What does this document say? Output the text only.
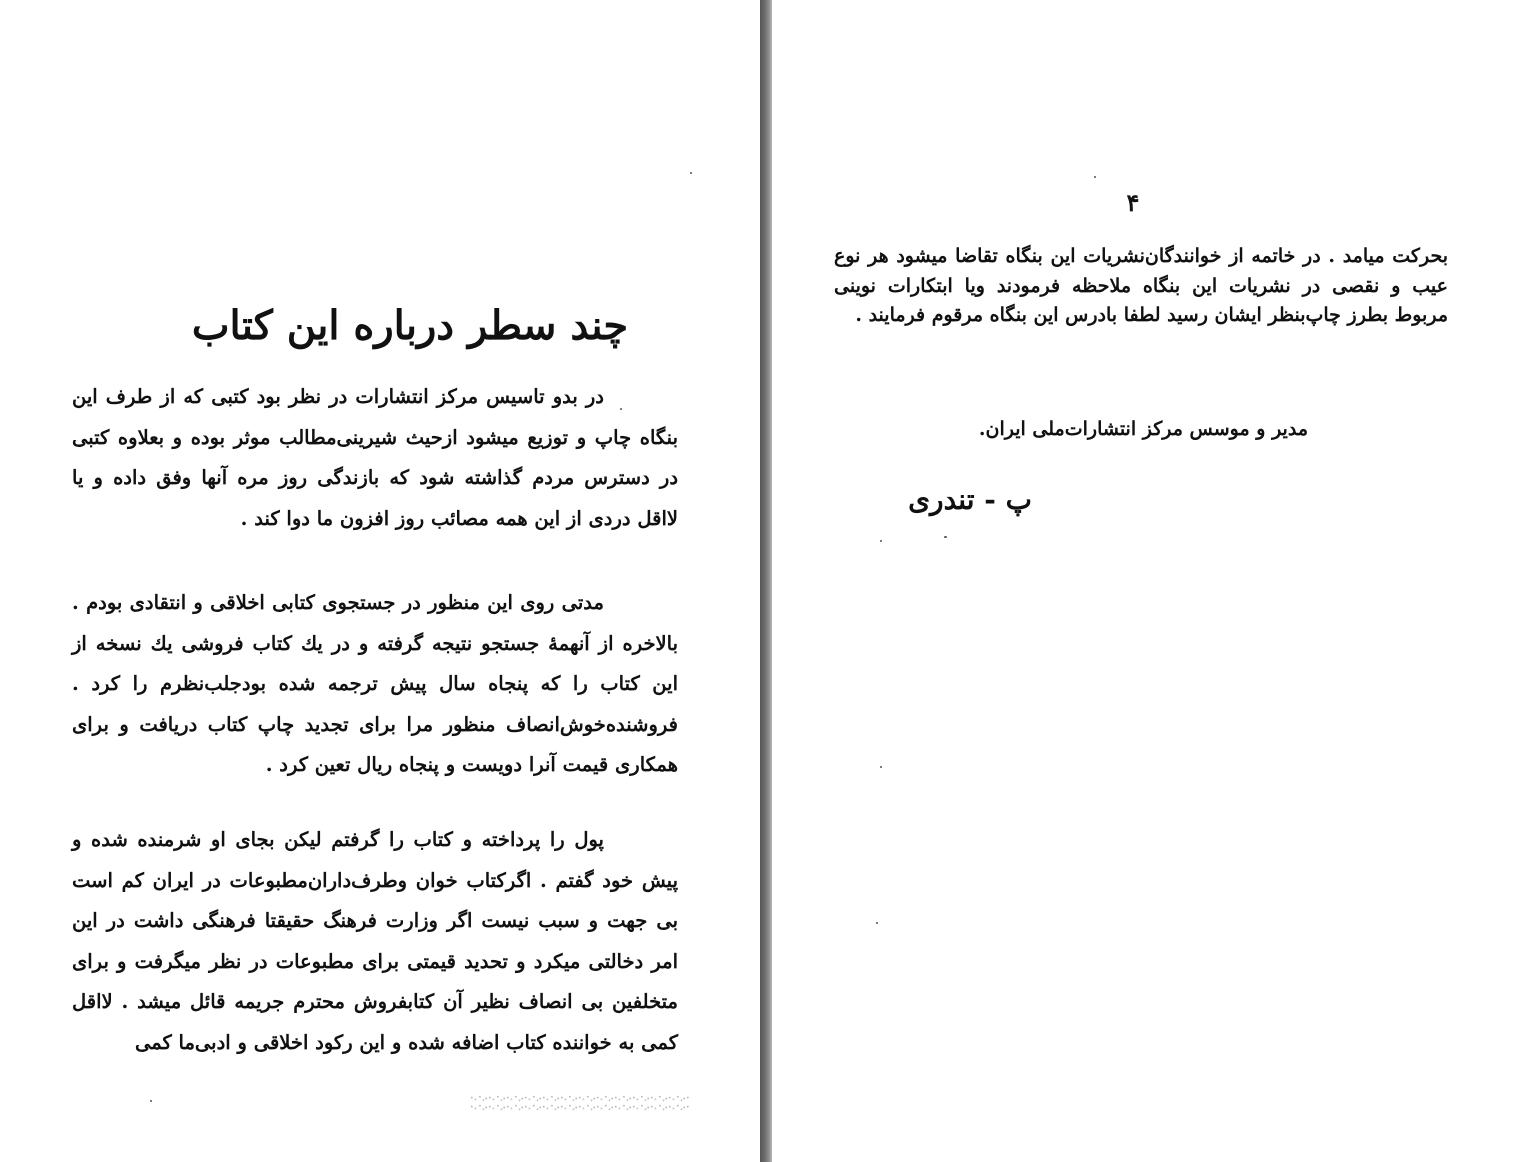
چند سطر درباره این کتاب

در بدو تاسیس مرکز انتشارات در نظر بود کتبی که از طرف این بنگاه چاپ و توزیع میشود ازحیث شیرینی‌مطالب موثر بوده و بعلاوه کتبی در دسترس مردم گذاشته شود که بازندگی روز مره آنها وفق داده و یا لااقل دردی از این همه مصائب روز افزون ما دوا کند .

مدتی روی این منظور در جستجوی کتابی اخلاقی و انتقادی بودم . بالاخره از آنهمهٔ جستجو نتیجه گرفته و در یك کتاب فروشی یك نسخه از این کتاب را که پنجاه سال پیش ترجمه شده بودجلب‌نظرم را کرد . فروشنده‌خوش‌انصاف منظور مرا برای تجدید چاپ کتاب دریافت و برای همکاری قیمت آنرا دویست و پنجاه ریال تعین کرد .

پول را پرداخته و کتاب را گرفتم لیکن بجای او شرمنده شده و پیش خود گفتم . اگرکتاب خوان وطرف‌داران‌مطبوعات در ایران کم است بی جهت و سبب نیست اگر وزارت فرهنگ حقیقتا فرهنگی داشت در این امر دخالتی میکرد و تحدید قیمتی برای مطبوعات در نظر میگرفت و برای متخلفین بی انصاف نظیر آن کتابفروش محترم جریمه قائل میشد . لااقل کمی به خواننده کتاب اضافه شده و این رکود اخلاقی و ادبی‌ما کمی

۴
بحرکت میامد . در خاتمه از خوانندگان‌نشریات این بنگاه تقاضا میشود هر نوع عیب و نقصی در نشریات این بنگاه ملاحظه فرمودند ویا ابتکارات نوینی مربوط بطرز چاپ‌بنظر ایشان رسید لطفا بادرس این بنگاه مرقوم فرمایند .
مدیر و موسس مرکز انتشارات‌ملی ایران.
پ - تندری
